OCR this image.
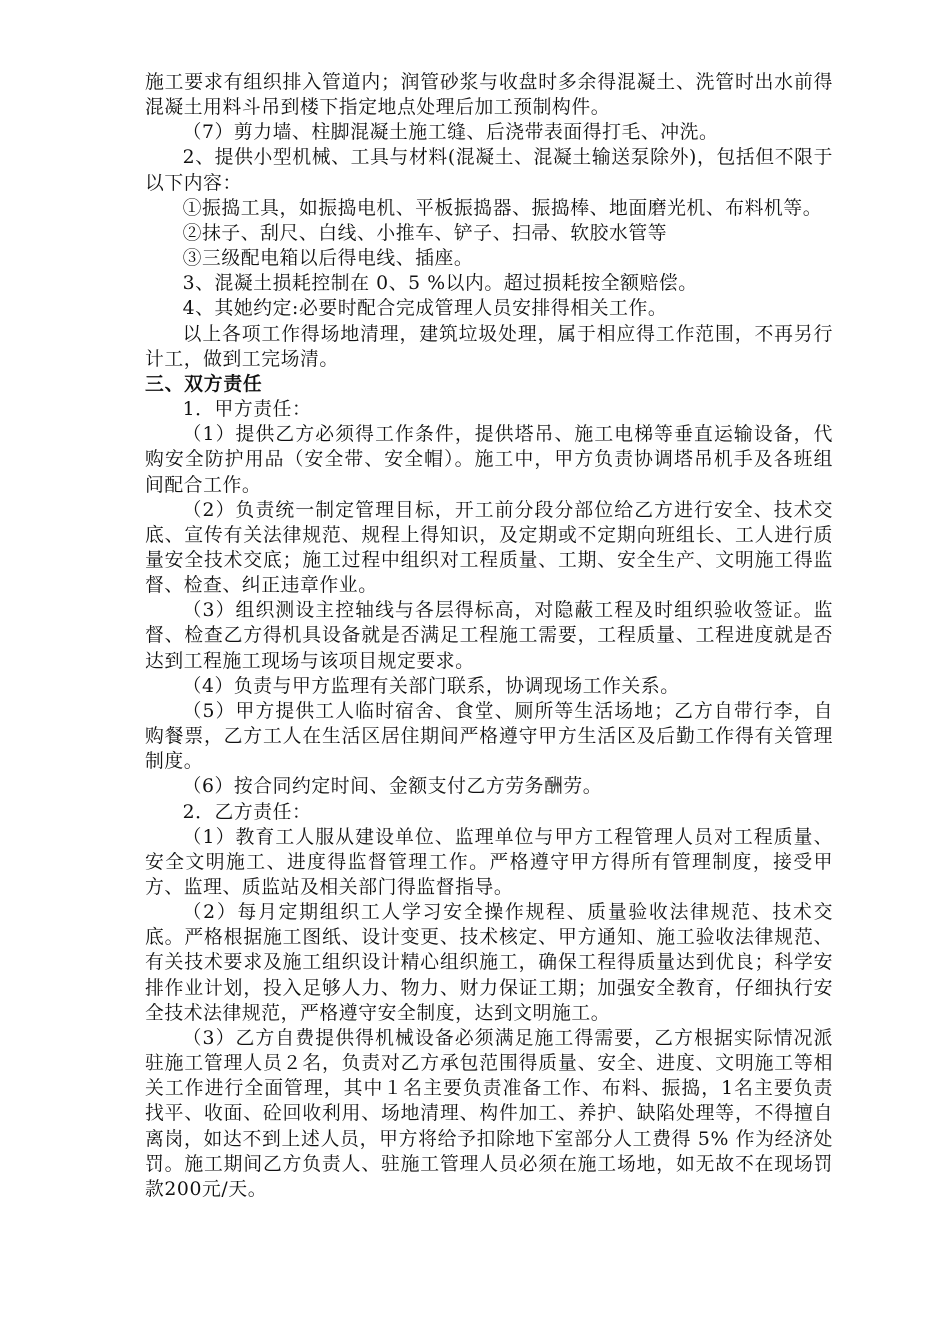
施工要求有组织排入管道内；润管砂浆与收盘时多余得混凝土、洗管时出水前得混凝土用料斗吊到楼下指定地点处理后加工预制构件。

（7）剪力墙、柱脚混凝土施工缝、后浇带表面得打毛、冲洗。

2、提供小型机械、工具与材料(混凝土、混凝土输送泵除外)，包括但不限于以下内容：

①振捣工具，如振捣电机、平板振捣器、振捣棒、地面磨光机、布料机等。

②抹子、刮尺、白线、小推车、铲子、扫帚、软胶水管等

③三级配电箱以后得电线、插座。

3、混凝土损耗控制在 0、5 %以内。超过损耗按全额赔偿。

4、其她约定:必要时配合完成管理人员安排得相关工作。

以上各项工作得场地清理，建筑垃圾处理，属于相应得工作范围，不再另行计工，做到工完场清。

三、双方责任

1．甲方责任：

（1）提供乙方必须得工作条件，提供塔吊、施工电梯等垂直运输设备，代购安全防护用品（安全带、安全帽）。施工中，甲方负责协调塔吊机手及各班组间配合工作。

（2）负责统一制定管理目标，开工前分段分部位给乙方进行安全、技术交底、宣传有关法律规范、规程上得知识，及定期或不定期向班组长、工人进行质量安全技术交底；施工过程中组织对工程质量、工期、安全生产、文明施工得监督、检查、纠正违章作业。

（3）组织测设主控轴线与各层得标高，对隐蔽工程及时组织验收签证。监督、检查乙方得机具设备就是否满足工程施工需要，工程质量、工程进度就是否达到工程施工现场与该项目规定要求。

（4）负责与甲方监理有关部门联系，协调现场工作关系。

（5）甲方提供工人临时宿舍、食堂、厕所等生活场地；乙方自带行李，自购餐票，乙方工人在生活区居住期间严格遵守甲方生活区及后勤工作得有关管理制度。

（6）按合同约定时间、金额支付乙方劳务酬劳。

2．乙方责任：

（1）教育工人服从建设单位、监理单位与甲方工程管理人员对工程质量、安全文明施工、进度得监督管理工作。严格遵守甲方得所有管理制度，接受甲方、监理、质监站及相关部门得监督指导。

（2）每月定期组织工人学习安全操作规程、质量验收法律规范、技术交底。严格根据施工图纸、设计变更、技术核定、甲方通知、施工验收法律规范、有关技术要求及施工组织设计精心组织施工，确保工程得质量达到优良；科学安排作业计划，投入足够人力、物力、财力保证工期；加强安全教育，仔细执行安全技术法律规范，严格遵守安全制度，达到文明施工。

（3）乙方自费提供得机械设备必须满足施工得需要，乙方根据实际情况派驻施工管理人员２名，负责对乙方承包范围得质量、安全、进度、文明施工等相关工作进行全面管理，其中１名主要负责准备工作、布料、振捣，1名主要负责找平、收面、砼回收利用、场地清理、构件加工、养护、缺陷处理等，不得擅自离岗，如达不到上述人员，甲方将给予扣除地下室部分人工费得 5% 作为经济处罚。施工期间乙方负责人、驻施工管理人员必须在施工场地，如无故不在现场罚款200元/天。
